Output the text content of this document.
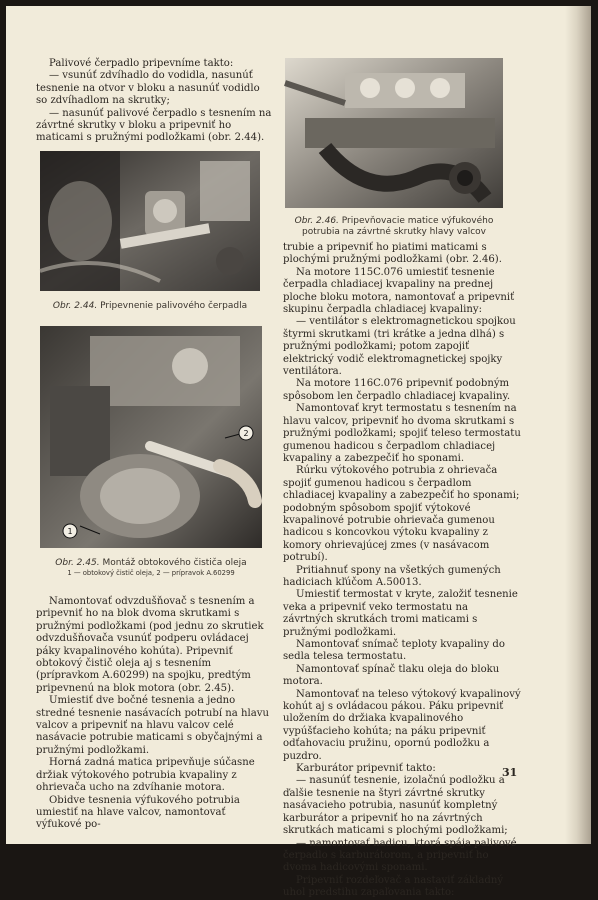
Palivové čerpadlo pripevníme takto:

— vsunúť zdvíhadlo do vodidla, nasunúť tesnenie na otvor v bloku a nasunúť vodidlo so zdvíhadlom na skrutky;

— nasunúť palivové čerpadlo s tesnením na závrtné skrutky v bloku a pripevniť ho maticami s pružnými podložkami (obr. 2.44).

Obr. 2.44. Pripevnenie palivového čerpadla
1
2
Obr. 2.45. Montáž obtokového čističa oleja
1 — obtokový čistič oleja, 2 — prípravok A.60299

Namontovať odvzdušňovač s tesnením a pripevniť ho na blok dvoma skrutkami s pružnými podložkami (pod jednu zo skrutiek odvzdušňovača vsunúť podperu ovládacej páky kvapalinového kohúta). Pripevniť obtokový čistič oleja aj s tesnením (prípravkom A.60299) na spojku, predtým pripevnenú na blok motora (obr. 2.45).

Umiestiť dve bočné tesnenia a jedno stredné tesnenie nasávacích potrubí na hlavu valcov a pripevniť na hlavu valcov celé nasávacie potrubie maticami s obyčajnými a pružnými podložkami.

Horná zadná matica pripevňuje súčasne držiak výtokového potrubia kvapaliny z ohrievača ucho na zdvíhanie motora.

Obidve tesnenia výfukového potrubia umiestiť na hlave valcov, namontovať výfukové po-

Obr. 2.46. Pripevňovacie matice výfukového potrubia na závrtné skrutky hlavy valcov

trubie a pripevniť ho piatimi maticami s plochými pružnými podložkami (obr. 2.46).

Na motore 115C.076 umiestiť tesnenie čerpadla chladiacej kvapaliny na prednej ploche bloku motora, namontovať a pripevniť skupinu čerpadla chladiacej kvapaliny:

— ventilátor s elektromagnetickou spojkou štyrmi skrutkami (tri krátke a jedna dlhá) s pružnými podložkami; potom zapojiť elektrický vodič elektromagnetickej spojky ventilátora.

Na motore 116C.076 pripevniť podobným spôsobom len čerpadlo chladiacej kvapaliny.

Namontovať kryt termostatu s tesnením na hlavu valcov, pripevniť ho dvoma skrutkami s pružnými podložkami; spojiť teleso termostatu gumenou hadicou s čerpadlom chladiacej kvapaliny a zabezpečiť ho sponami.

Rúrku výtokového potrubia z ohrievača spojiť gumenou hadicou s čerpadlom chladiacej kvapaliny a zabezpečiť ho sponami; podobným spôsobom spojiť výtokové kvapalinové potrubie ohrievača gumenou hadicou s koncovkou výtoku kvapaliny z komory ohrievajúcej zmes (v nasávacom potrubí).

Pritiahnuť spony na všetkých gumených hadiciach kľúčom A.50013.

Umiestiť termostat v kryte, založiť tesnenie veka a pripevniť veko termostatu na závrtných skrutkách tromi maticami s pružnými podložkami.

Namontovať snímač teploty kvapaliny do sedla telesa termostatu.

Namontovať spínač tlaku oleja do bloku motora.

Namontovať na teleso výtokový kvapalinový kohút aj s ovládacou pákou. Páku pripevniť uložením do držiaka kvapalinového vypúšťacieho kohúta; na páku pripevniť odťahovaciu pružinu, opornú podložku a puzdro.

Karburátor pripevniť takto:

— nasunúť tesnenie, izolačnú podložku a ďalšie tesnenie na štyri závrtné skrutky nasávacieho potrubia, nasunúť kompletný karburátor a pripevniť ho na závrtných skrutkách maticami s plochými podložkami;

— namontovať hadicu, ktorá spája palivové čerpadlo s karburátorom, a pripevniť ho dvoma hadicovými sponami.

Pripevniť rozdeľovač a nastaviť základný uhol predstihu zapaľovania takto:

31
